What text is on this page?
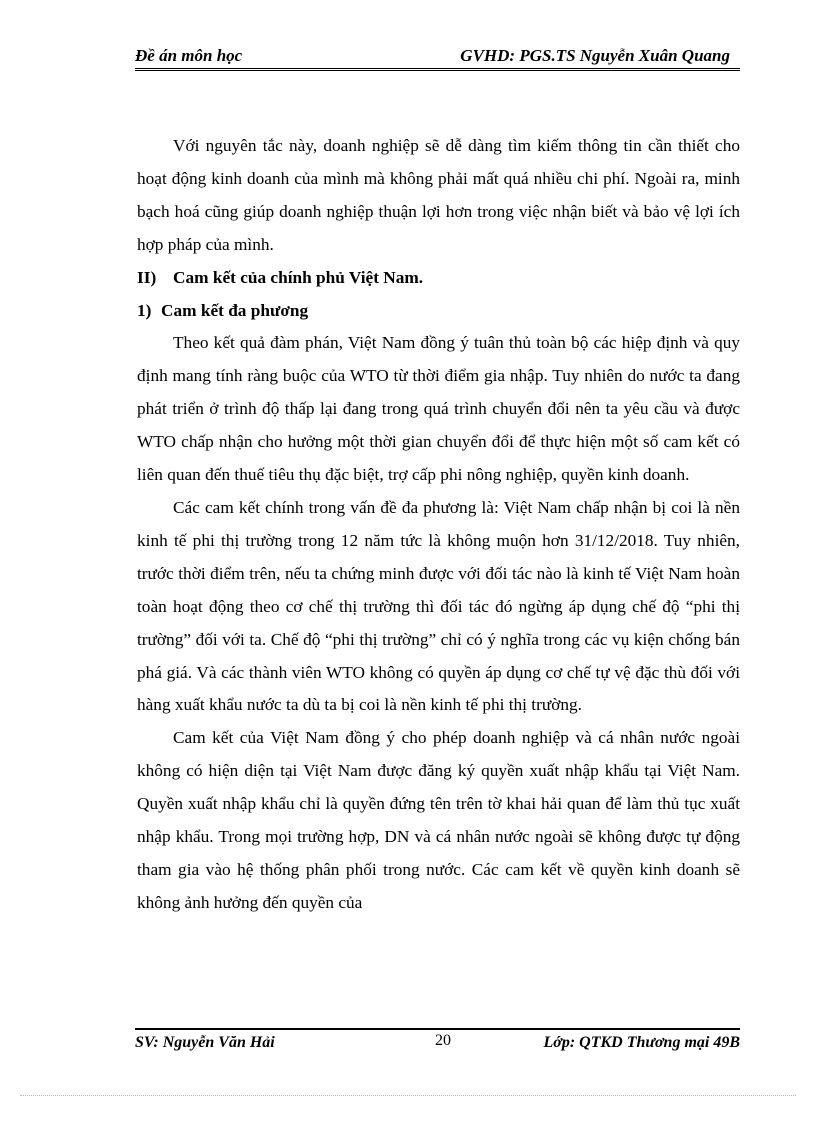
Đề án môn học	GVHD: PGS.TS Nguyễn Xuân Quang

Với nguyên tắc này, doanh nghiệp sẽ dễ dàng tìm kiếm thông tin cần thiết cho hoạt động kinh doanh của mình mà không phải mất quá nhiều chi phí. Ngoài ra, minh bạch hoá cũng giúp doanh nghiệp thuận lợi hơn trong việc nhận biết và bảo vệ lợi ích hợp pháp của mình.

II) Cam kết của chính phủ Việt Nam.
1) Cam kết đa phương

Theo kết quả đàm phán, Việt Nam đồng ý tuân thủ toàn bộ các hiệp định và quy định mang tính ràng buộc của WTO từ thời điểm gia nhập. Tuy nhiên do nước ta đang phát triển ở trình độ thấp lại đang trong quá trình chuyển đổi nên ta yêu cầu và được WTO chấp nhận cho hưởng một thời gian chuyển đổi để thực hiện một số cam kết có liên quan đến thuế tiêu thụ đặc biệt, trợ cấp phi nông nghiệp, quyền kinh doanh.

Các cam kết chính trong vấn đề đa phương là: Việt Nam chấp nhận bị coi là nền kinh tế phi thị trường trong 12 năm tức là không muộn hơn 31/12/2018. Tuy nhiên, trước thời điểm trên, nếu ta chứng minh được với đối tác nào là kinh tế Việt Nam hoàn toàn hoạt động theo cơ chế thị trường thì đối tác đó ngừng áp dụng chế độ “phi thị trường” đối với ta. Chế độ “phi thị trường” chỉ có ý nghĩa trong các vụ kiện chống bán phá giá. Và các thành viên WTO không có quyền áp dụng cơ chế tự vệ đặc thù đối với hàng xuất khẩu nước ta dù ta bị coi là nền kinh tế phi thị trường.

Cam kết của Việt Nam đồng ý cho phép doanh nghiệp và cá nhân nước ngoài không có hiện diện tại Việt Nam được đăng ký quyền xuất nhập khẩu tại Việt Nam. Quyền xuất nhập khẩu chỉ là quyền đứng tên trên tờ khai hải quan để làm thủ tục xuất nhập khẩu. Trong mọi trường hợp, DN và cá nhân nước ngoài sẽ không được tự động tham gia vào hệ thống phân phối trong nước. Các cam kết về quyền kinh doanh sẽ không ảnh hưởng đến quyền của

SV: Nguyễn Văn Hải	20	Lớp: QTKD Thương mại 49B
